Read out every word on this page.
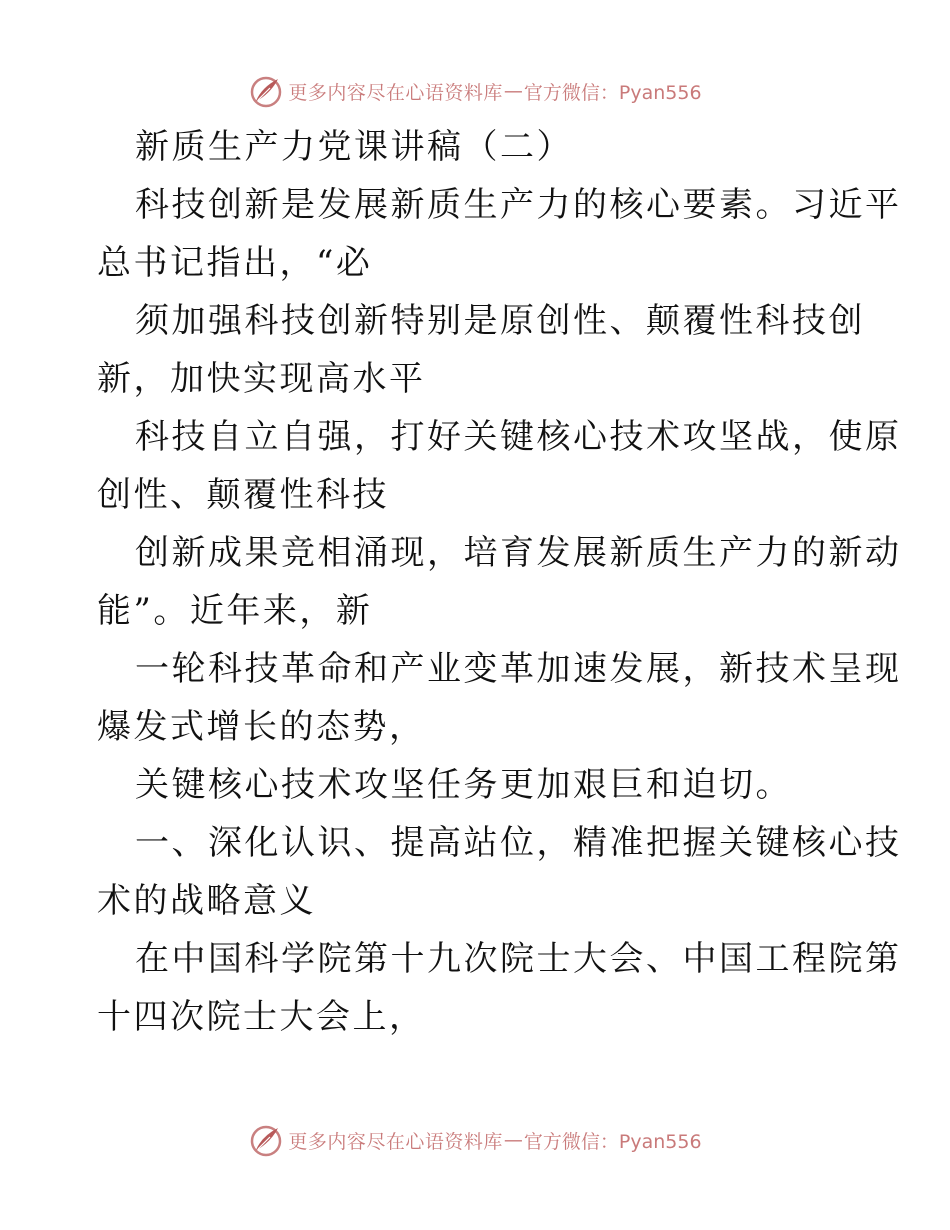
更多内容尽在心语资料库 — 官方微信：Pyan556
新质生产力党课讲稿（二）
科技创新是发展新质生产力的核心要素。习近平
总书记指出，“必
须加强科技创新特别是原创性、颠覆性科技创
新，加快实现高水平
科技自立自强，打好关键核心技术攻坚战，使原
创性、颠覆性科技
创新成果竞相涌现，培育发展新质生产力的新动
能”。近年来，新
一轮科技革命和产业变革加速发展，新技术呈现
爆发式增长的态势，
关键核心技术攻坚任务更加艰巨和迫切。
一、深化认识、提高站位，精准把握关键核心技
术的战略意义
在中国科学院第十九次院士大会、中国工程院第
十四次院士大会上，
更多内容尽在心语资料库 — 官方微信：Pyan556
